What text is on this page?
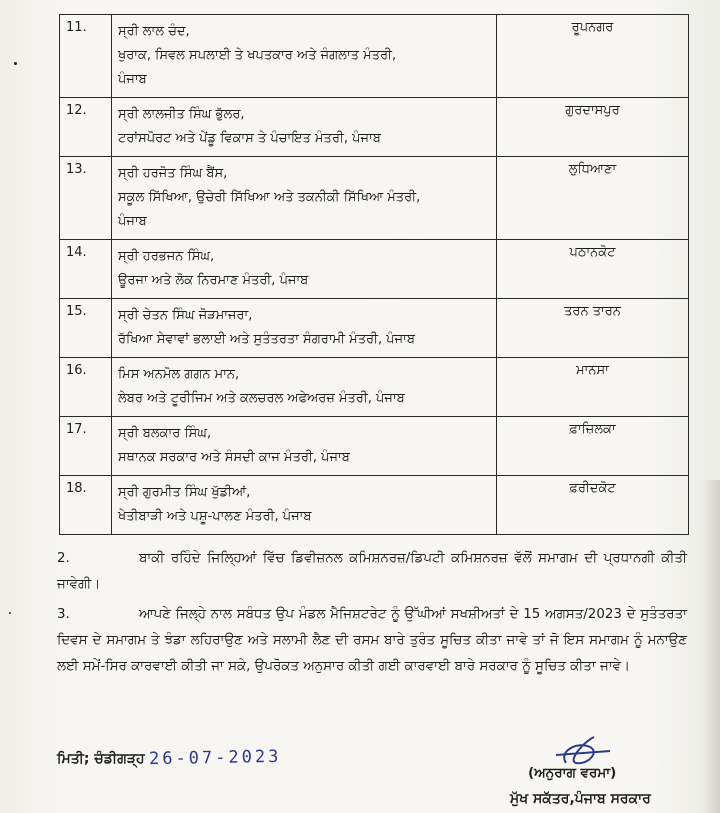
11.	ਸ੍ਰੀ ਲਾਲ ਚੰਦ,
ਖੁਰਾਕ, ਸਿਵਲ ਸਪਲਾਈ ਤੇ ਖਪਤਕਾਰ ਅਤੇ ਜੰਗਲਾਤ ਮੰਤਰੀ,
ਪੰਜਾਬ	ਰੂਪਨਗਰ
12.	ਸ੍ਰੀ ਲਾਲਜੀਤ ਸਿੰਘ ਭੁੱਲਰ,
ਟਰਾਂਸਪੋਰਟ ਅਤੇ ਪੇਂਡੂ ਵਿਕਾਸ ਤੇ ਪੰਚਾਇਤ ਮੰਤਰੀ, ਪੰਜਾਬ	ਗੁਰਦਾਸਪੁਰ
13.	ਸ੍ਰੀ ਹਰਜੋਤ ਸਿੰਘ ਬੈਂਸ,
ਸਕੂਲ ਸਿੱਖਿਆ, ਉਚੇਰੀ ਸਿੱਖਿਆ ਅਤੇ ਤਕਨੀਕੀ ਸਿੱਖਿਆ ਮੰਤਰੀ,
ਪੰਜਾਬ	ਲੁਧਿਆਣਾ
14.	ਸ੍ਰੀ ਹਰਭਜਨ ਸਿੰਘ,
ਊਰਜਾ ਅਤੇ ਲੋਕ ਨਿਰਮਾਣ ਮੰਤਰੀ, ਪੰਜਾਬ	ਪਠਾਨਕੋਟ
15.	ਸ੍ਰੀ ਚੇਤਨ ਸਿੰਘ ਜੋੜਮਾਜਰਾ,
ਰੱਖਿਆ ਸੇਵਾਵਾਂ ਭਲਾਈ ਅਤੇ ਸੁਤੰਤਰਤਾ ਸੰਗਰਾਮੀ ਮੰਤਰੀ, ਪੰਜਾਬ	ਤਰਨ ਤਾਰਨ
16.	ਮਿਸ ਅਨਮੋਲ ਗਗਨ ਮਾਨ,
ਲੇਬਰ ਅਤੇ ਟੂਰੀਜਿਮ ਅਤੇ ਕਲਚਰਲ ਅਫੇਅਰਜ਼ ਮੰਤਰੀ, ਪੰਜਾਬ	ਮਾਨਸਾ
17.	ਸ੍ਰੀ ਬਲਕਾਰ ਸਿੰਘ,
ਸਥਾਨਕ ਸਰਕਾਰ ਅਤੇ ਸੰਸਦੀ ਕਾਜ ਮੰਤਰੀ, ਪੰਜਾਬ	ਫ਼ਾਜ਼ਿਲਕਾ
18.	ਸ੍ਰੀ ਗੁਰਮੀਤ ਸਿੰਘ ਖੁੱਡੀਆਂ,
ਖੇਤੀਬਾੜੀ ਅਤੇ ਪਸ਼ੂ-ਪਾਲਣ ਮੰਤਰੀ, ਪੰਜਾਬ	ਫ਼ਰੀਦਕੋਟ
2.	ਬਾਕੀ ਰਹਿੰਦੇ ਜਿਲ੍ਹਿਆਂ ਵਿੱਚ ਡਿਵੀਜ਼ਨਲ ਕਮਿਸ਼ਨਰਜ਼/ਡਿਪਟੀ ਕਮਿਸ਼ਨਰਜ਼ ਵੱਲੋਂ ਸਮਾਗਮ ਦੀ ਪ੍ਰਧਾਨਗੀ ਕੀਤੀ ਜਾਵੇਗੀ।
3.	ਆਪਣੇ ਜਿਲ੍ਹੇ ਨਾਲ ਸਬੰਧਤ ਉਪ ਮੰਡਲ ਮੈਜਿਸ਼ਟਰੇਟ ਨੂੰ ਉੱਘੀਆਂ ਸਖਸ਼ੀਅਤਾਂ ਦੇ 15 ਅਗਸਤ/2023 ਦੇ ਸੁਤੰਤਰਤਾ ਦਿਵਸ ਦੇ ਸਮਾਗਮ ਤੇ ਝੰਡਾ ਲਹਿਰਾਉਣ ਅਤੇ ਸਲਾਮੀ ਲੈਣ ਦੀ ਰਸਮ ਬਾਰੇ ਤੁਰੰਤ ਸੂਚਿਤ ਕੀਤਾ ਜਾਵੇ ਤਾਂ ਜੋ ਇਸ ਸਮਾਗਮ ਨੂੰ ਮਨਾਉਣ ਲਈ ਸਮੇਂ-ਸਿਰ ਕਾਰਵਾਈ ਕੀਤੀ ਜਾ ਸਕੇ, ਉਪਰੋਕਤ ਅਨੁਸਾਰ ਕੀਤੀ ਗਈ ਕਾਰਵਾਈ ਬਾਰੇ ਸਰਕਾਰ ਨੂੰ ਸੂਚਿਤ ਕੀਤਾ ਜਾਵੇ।
ਮਿਤੀ; ਚੰਡੀਗੜ੍ਹ 26-07-2023
(ਅਨੁਰਾਗ ਵਰਮਾ)
ਮੁੱਖ ਸਕੱਤਰ,ਪੰਜਾਬ ਸਰਕਾਰ
